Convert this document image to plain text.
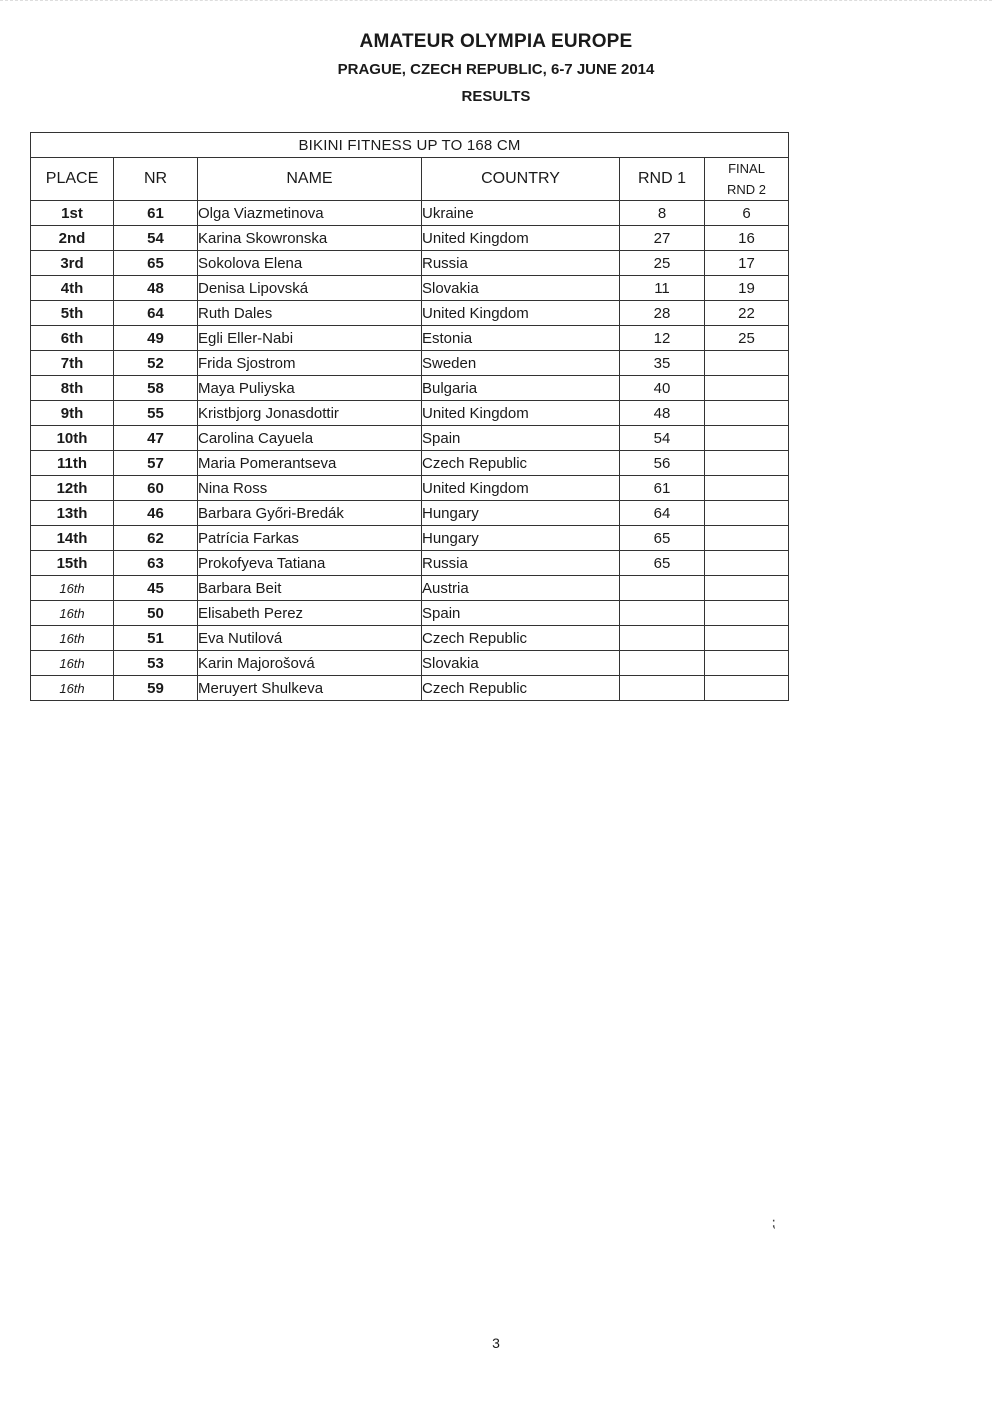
AMATEUR OLYMPIA EUROPE
PRAGUE, CZECH REPUBLIC, 6-7 JUNE 2014
RESULTS
BIKINI FITNESS UP TO 168 CM					
PLACE	NR	NAME	COUNTRY	RND 1	FINAL
RND 2
1st	61	Olga Viazmetinova	Ukraine	8	6
2nd	54	Karina Skowronska	United Kingdom	27	16
3rd	65	Sokolova Elena	Russia	25	17
4th	48	Denisa Lipovská	Slovakia	11	19
5th	64	Ruth Dales	United Kingdom	28	22
6th	49	Egli Eller-Nabi	Estonia	12	25
7th	52	Frida Sjostrom	Sweden	35	
8th	58	Maya Puliyska	Bulgaria	40	
9th	55	Kristbjorg Jonasdottir	United Kingdom	48	
10th	47	Carolina Cayuela	Spain	54	
11th	57	Maria Pomerantseva	Czech Republic	56	
12th	60	Nina Ross	United Kingdom	61	
13th	46	Barbara Győri-Bredák	Hungary	64	
14th	62	Patrícia Farkas	Hungary	65	
15th	63	Prokofyeva Tatiana	Russia	65	
16th	45	Barbara Beit	Austria		
16th	50	Elisabeth Perez	Spain		
16th	51	Eva Nutilová	Czech Republic		
16th	53	Karin Majorošová	Slovakia		
16th	59	Meruyert Shulkeva	Czech Republic		
⁏
3
